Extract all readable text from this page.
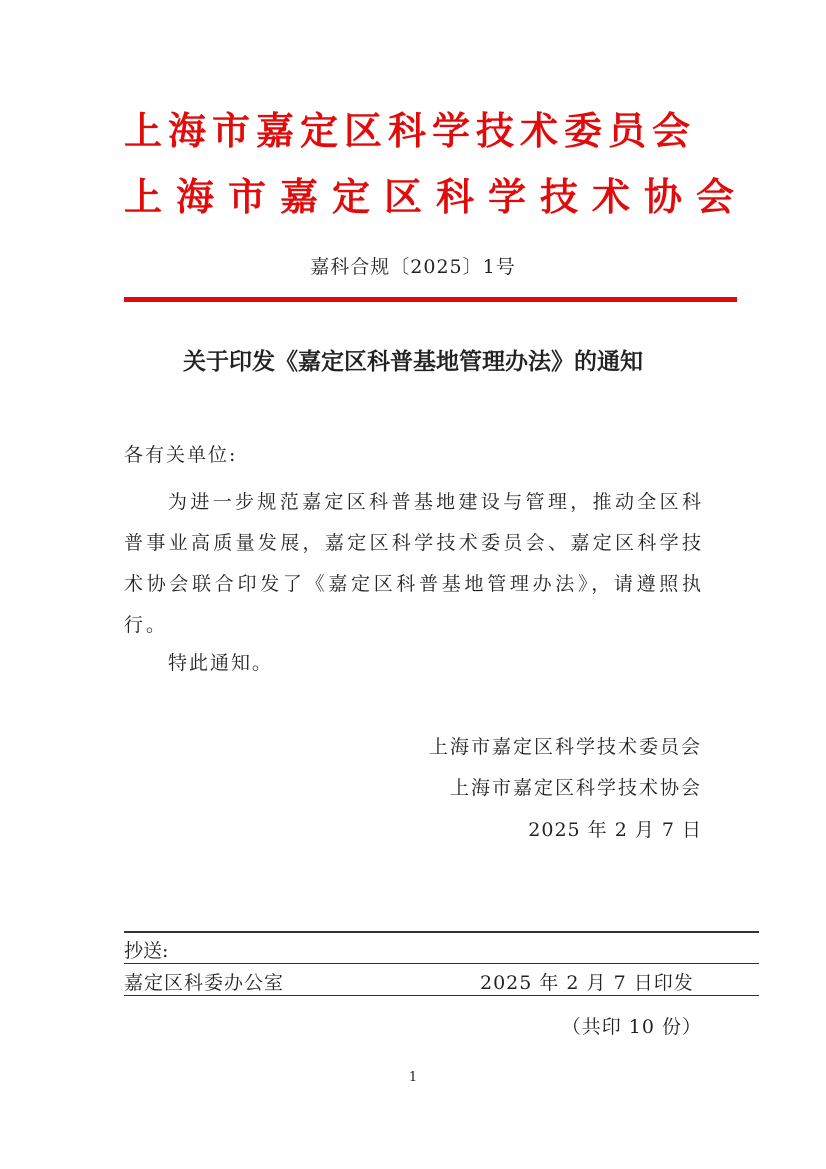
上海市嘉定区科学技术委员会
上海市嘉定区科学技术协会
嘉科合规〔2025〕1号
关于印发《嘉定区科普基地管理办法》的通知
各有关单位:
为进一步规范嘉定区科普基地建设与管理，推动全区科普事业高质量发展，嘉定区科学技术委员会、嘉定区科学技术协会联合印发了《嘉定区科普基地管理办法》，请遵照执行。
特此通知。
上海市嘉定区科学技术委员会
上海市嘉定区科学技术协会
2025 年 2 月 7 日
抄送:
嘉定区科委办公室	2025 年 2 月 7 日印发
（共印 10 份）
1
